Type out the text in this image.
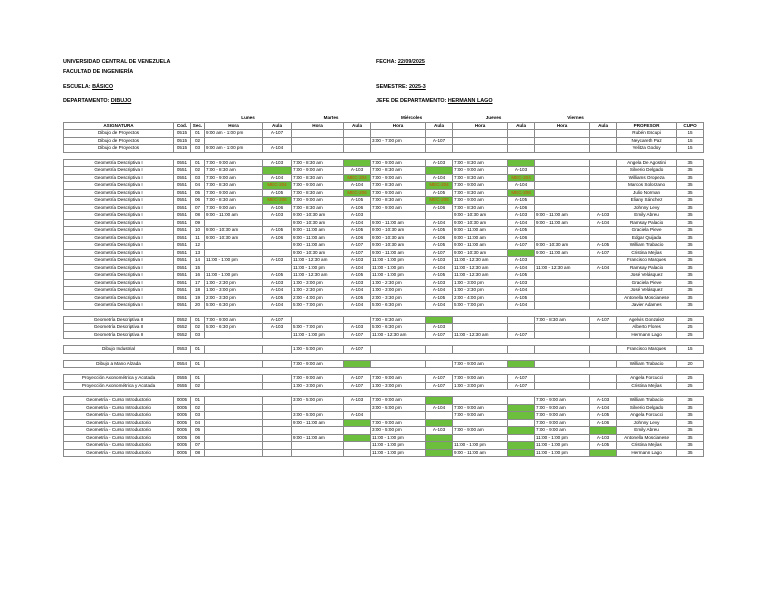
UNIVERSIDAD CENTRAL DE VENEZUELA
FACULTAD DE INGENIERÍA
ESCUELA: BÁSICO
DEPARTAMENTO: DIBUJO
FECHA: 22/09/2025
SEMESTRE: 2025-3
JEFE DE DEPARTAMENTO: HERMANN LAGO
			Lunes		Martes		Miércoles		Jueves		Viernes			
ASIGNATURA	Cod.	Sec.	Hora	Aula	Hora	Aula	Hora	Aula	Hora	Aula	Hora	Aula	PROFESOR	CUPO
Dibujo de Proyectos	0515	01	9:00 am - 1:00 pm	A-107									Rubén Escupi	15
Dibujo de Proyectos	0515	02					3:00 - 7:00 pm	A-107					Neycareth Paz	15
Dibujo de Proyectos	0515	03	9:00 am - 1:00 pm	A-104									Yelitza Godoy	15

Geometría Descriptiva I	0551	01	7:00 - 9:00 am	A-103	7:00 - 8:30 am		7:00 - 9:00 am	A-103	7:00 - 8:30 am				Angela De Agostini	35
Geometría Descriptiva I	0551	02	7:00 - 8:30 am		7:00 - 9:00 am	A-103	7:00 - 8:30 am		7:00 - 9:00 am	A-103			Silverio Delgado	35
Geometría Descriptiva I	0551	03	7:00 - 9:00 am	A-104	7:00 - 8:30 am	MEC-204	7:00 - 9:00 am	A-104	7:00 - 8:30 am	MEC-204			Williams Oropeza	35
Geometría Descriptiva I	0551	04	7:00 - 8:30 am	MEC-204	7:00 - 9:00 am	A-104	7:00 - 8:30 am	MEC-204	7:00 - 9:00 am	A-104			Marcos Solorzano	35
Geometría Descriptiva I	0551	05	7:00 - 9:00 am	A-105	7:00 - 8:30 am	MEC-206	7:00 - 9:00 am	A-105	7:00 - 8:30 am	MEC-206			Julio Norman	35
Geometría Descriptiva I	0551	06	7:00 - 8:30 am	MEC-206	7:00 - 9:00 am	A-105	7:00 - 8:30 am	MEC-206	7:00 - 9:00 am	A-105			Eliany Sánchez	35
Geometría Descriptiva I	0551	07	7:00 - 9:00 am	A-106	7:00 - 8:30 am	A-106	7:00 - 9:00 am	A-106	7:00 - 8:30 am	A-106			Johnny Levy	35
Geometría Descriptiva I	0551	08	9:00 - 11:00 am	A-103	9:00 - 10:30 am	A-103			9:00 - 10:30 am	A-103	9:00 - 11:00 am	A-103	Emily Abreu	35
Geometría Descriptiva I	0551	09			9:00 - 10:30 am	A-104	9:00 - 11:00 am	A-104	9:00 - 10:30 am	A-104	9:00 - 11:00 am	A-104	Ramsay Palacio	35
Geometría Descriptiva I	0551	10	9:00 - 10:30 am	A-105	9:00 - 11:00 am	A-105	9:00 - 10:30 am	A-105	9:00 - 11:00 am	A-105			Graciela Pieve	35
Geometría Descriptiva I	0551	11	9:00 - 10:30 am	A-106	9:00 - 11:00 am	A-106	9:00 - 10:30 am	A-106	9:00 - 11:00 am	A-106			Edgar Quijada	35
Geometría Descriptiva I	0551	12			9:00 - 11:00 am	A-107	9:00 - 10:30 am	A-105	9:00 - 11:00 am	A-107	9:00 - 10:30 am	A-105	William Trabacio	35
Geometría Descriptiva I	0551	13			9:00 - 10:30 am	A-107	9:00 - 11:00 am	A-107	9:00 - 10:30 am		9:00 - 11:00 am	A-107	Cristina Mejías	35
Geometría Descriptiva I	0551	14	11:00 - 1:00 pm	A-103	11:00 - 12:30 am	A-103	11:00 - 1:00 pm	A-103	11:00 - 12:30 am	A-103			Francisco Marques	35
Geometría Descriptiva I	0551	15			11:00 - 1:00 pm	A-104	11:00 - 1:00 pm	A-104	11:00 - 12:30 am	A-104	11:00 - 12:30 am	A-104	Ramsay Palacio	35
Geometría Descriptiva I	0551	16	11:00 - 1:00 pm	A-105	11:00 - 12:30 am	A-105	11:00 - 1:00 pm	A-105	11:00 - 12:30 am	A-105			José Velásquez	35
Geometría Descriptiva I	0551	17	1:00 - 2:30 pm	A-103	1:00 - 3:00 pm	A-103	1:00 - 2:30 pm	A-103	1:00 - 3:00 pm	A-103			Graciela Pieve	35
Geometría Descriptiva I	0551	18	1:00 - 3:00 pm	A-104	1:00 - 2:30 pm	A-104	1:00 - 3:00 pm	A-104	1:00 - 2:30 pm	A-104			José Velásquez	35
Geometría Descriptiva I	0551	19	2:00 - 3:30 pm	A-105	2:00 - 4:00 pm	A-105	2:00 - 3:30 pm	A-105	2:00 - 4:00 pm	A-105			Antonella Moscianese	35
Geometría Descriptiva I	0551	20	5:00 - 6:30 pm	A-104	5:00 - 7:00 pm	A-104	5:00 - 6:30 pm	A-104	5:00 - 7:00 pm	A-104			Javier Adames	35

Geometría Descriptiva II	0552	01	7:00 - 9:00 am	A-107			7:00 - 8:30 am				7:00 - 8:30 am	A-107	Agelvis Gonzalez	25
Geometría Descriptiva II	0552	02	5:00 - 6:30 pm	A-103	5:00 - 7:00 pm	A-103	5:00 - 6:30 pm	A-103					Alberto Flores	25
Geometría Descriptiva II	0552	03			11:00 - 1:00 pm	A-107	11:00 - 12:30 am	A-107	11:00 - 12:30 am	A-107			Hermann Lago	25

Dibujo Industrial	0553	01			1:00 - 5:00 pm	A-107							Francisco Marques	15

Dibujo a Mano Alzada	0554	01			7:00 - 9:00 am				7:00 - 9:00 am				William Trabacio	20

Proyección Axonométrica y Acotada	0555	01			7:00 - 9:00 am	A-107	7:00 - 9:00 am	A-107	7:00 - 9:00 am	A-107			Angela Forcucci	25
Proyección Axonométrica y Acotada	0555	02			1:00 - 3:00 pm	A-107	1:00 - 3:00 pm	A-107	1:00 - 3:00 pm	A-107			Cristina Mejías	25

Geometría - Curso Introductorio	0005	01			3:00 - 5:00 pm	A-103	7:00 - 9:00 am				7:00 - 9:00 am	A-103	William Trabacio	35
Geometría - Curso Introductorio	0005	02					3:00 - 5:00 pm	A-104	7:00 - 9:00 am		7:00 - 9:00 am	A-104	Silverio Delgado	35
Geometría - Curso Introductorio	0005	03			3:00 - 5:00 pm	A-104			7:00 - 9:00 am		7:00 - 9:00 am	A-105	Angela Forcucci	35
Geometría - Curso Introductorio	0005	04			9:00 - 11:00 am		7:00 - 9:00 am				7:00 - 9:00 am	A-106	Johnny Levy	35
Geometría - Curso Introductorio	0005	05					3:00 - 5:00 pm	A-103	7:00 - 9:00 am		7:00 - 9:00 am		Emily Abreu	35
Geometría - Curso Introductorio	0005	06			9:00 - 11:00 am		11:00 - 1:00 pm				11:00 - 1:00 pm	A-103	Antonella Moscianese	35
Geometría - Curso Introductorio	0005	07					11:00 - 1:00 pm		11:00 - 1:00 pm		11:00 - 1:00 pm	A-105	Cristina Mejías	35
Geometría - Curso Introductorio	0005	08					11:00 - 1:00 pm		9:00 - 11:00 am		11:00 - 1:00 pm		Hermann Lago	35
